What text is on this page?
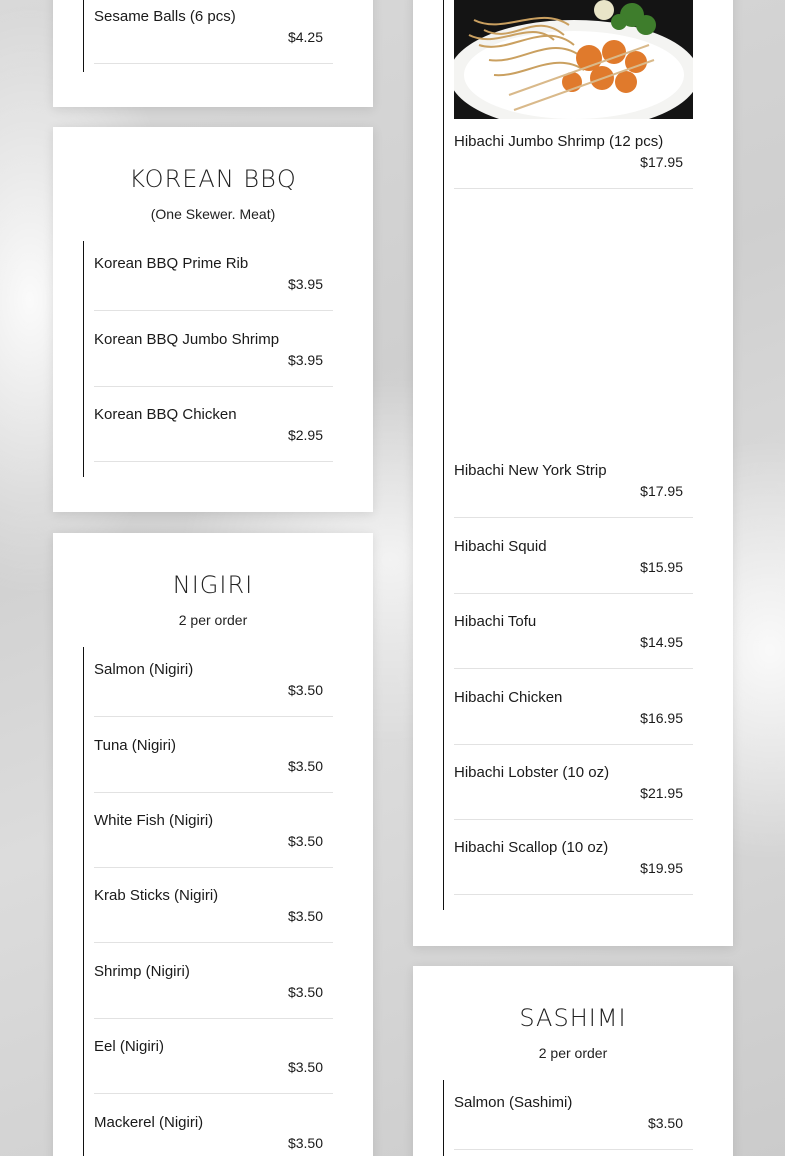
Sesame Balls (6 pcs)
$4.25
KOREAN BBQ
(One Skewer. Meat)
Korean BBQ Prime Rib
$3.95
Korean BBQ Jumbo Shrimp
$3.95
Korean BBQ Chicken
$2.95
NIGIRI
2 per order
Salmon (Nigiri)
$3.50
Tuna (Nigiri)
$3.50
White Fish (Nigiri)
$3.50
Krab Sticks (Nigiri)
$3.50
Shrimp (Nigiri)
$3.50
Eel (Nigiri)
$3.50
Mackerel (Nigiri)
$3.50
Hibachi Jumbo Shrimp (12 pcs)
$17.95
Hibachi New York Strip
$17.95
Hibachi Squid
$15.95
Hibachi Tofu
$14.95
Hibachi Chicken
$16.95
Hibachi Lobster (10 oz)
$21.95
Hibachi Scallop (10 oz)
$19.95
SASHIMI
2 per order
Salmon (Sashimi)
$3.50
